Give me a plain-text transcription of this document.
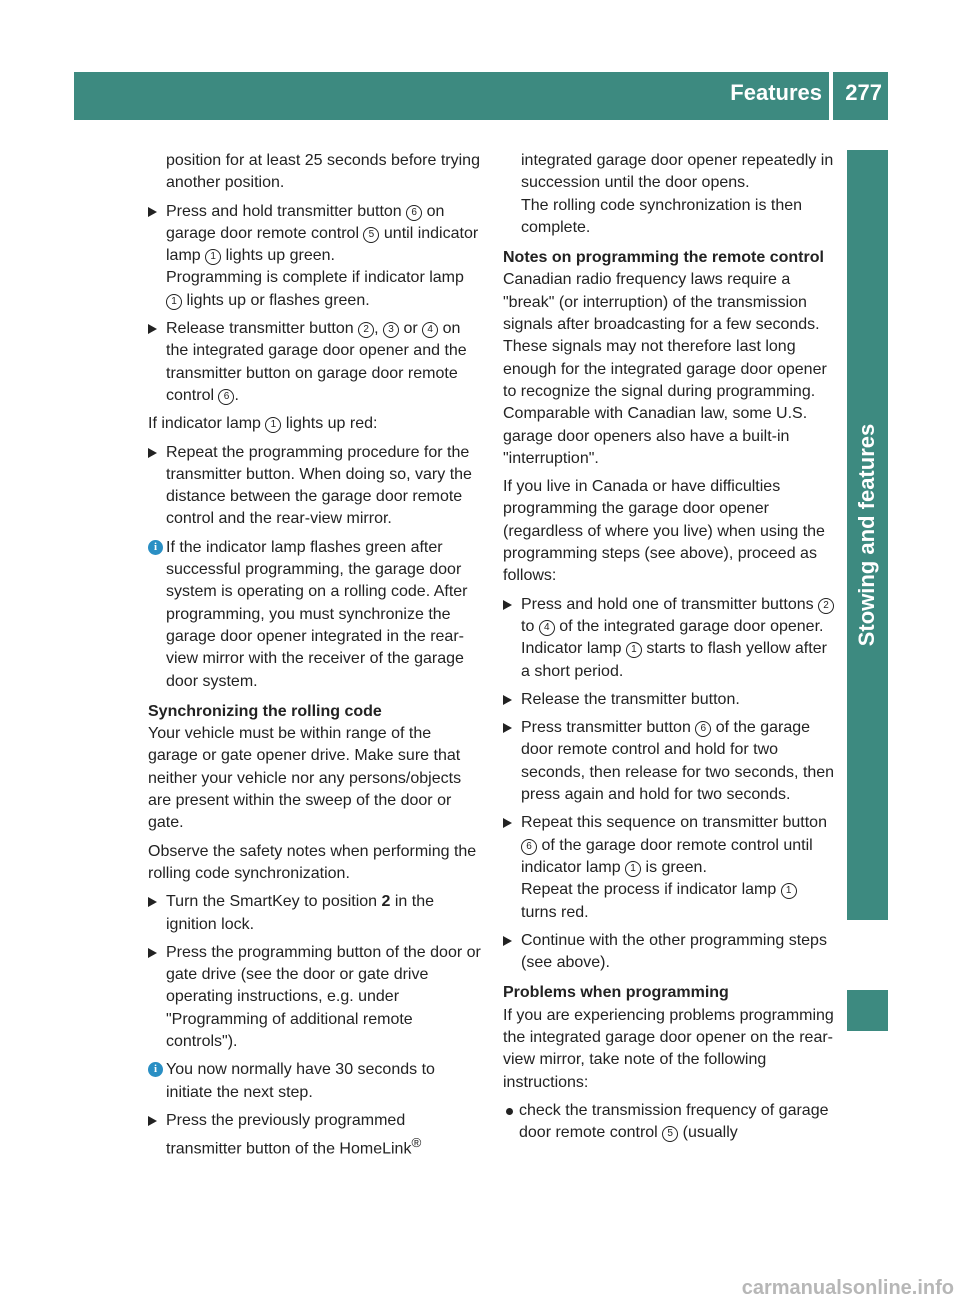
Features 277
Stowing and features

position for at least 25 seconds before trying another position.

Press and hold transmitter button 6 on garage door remote control 5 until indicator lamp 1 lights up green.
Programming is complete if indicator lamp 1 lights up or flashes green.
Release transmitter button 2 , 3 or 4 on the integrated garage door opener and the transmitter button on garage door remote control 6 .

If indicator lamp 1 lights up red:

Repeat the programming procedure for the transmitter button. When doing so, vary the distance between the garage door remote control and the rear-view mirror.
i If the indicator lamp flashes green after successful programming, the garage door system is operating on a rolling code. After programming, you must synchronize the garage door opener integrated in the rear-view mirror with the receiver of the garage door system.

Synchronizing the rolling code

Your vehicle must be within range of the garage or gate opener drive. Make sure that neither your vehicle nor any persons/objects are present within the sweep of the door or gate.

Observe the safety notes when performing the rolling code synchronization.

Turn the SmartKey to position 2 in the ignition lock.
Press the programming button of the door or gate drive (see the door or gate drive operating instructions, e.g. under "Programming of additional remote controls").
i You now normally have 30 seconds to initiate the next step.
Press the previously programmed transmitter button of the HomeLink®

integrated garage door opener repeatedly in succession until the door opens.
The rolling code synchronization is then complete.

Notes on programming the remote control

Canadian radio frequency laws require a "break" (or interruption) of the transmission signals after broadcasting for a few seconds. These signals may not therefore last long enough for the integrated garage door opener to recognize the signal during programming. Comparable with Canadian law, some U.S. garage door openers also have a built-in "interruption".

If you live in Canada or have difficulties programming the garage door opener (regardless of where you live) when using the programming steps (see above), proceed as follows:

Press and hold one of transmitter buttons 2 to 4 of the integrated garage door opener.
Indicator lamp 1 starts to flash yellow after a short period.
Release the transmitter button.
Press transmitter button 6 of the garage door remote control and hold for two seconds, then release for two seconds, then press again and hold for two seconds.
Repeat this sequence on transmitter button 6 of the garage door remote control until indicator lamp 1 is green.
Repeat the process if indicator lamp 1 turns red.
Continue with the other programming steps (see above).

Problems when programming

If you are experiencing problems programming the integrated garage door opener on the rear-view mirror, take note of the following instructions:

check the transmission frequency of garage door remote control 5 (usually
carmanualsonline.info
